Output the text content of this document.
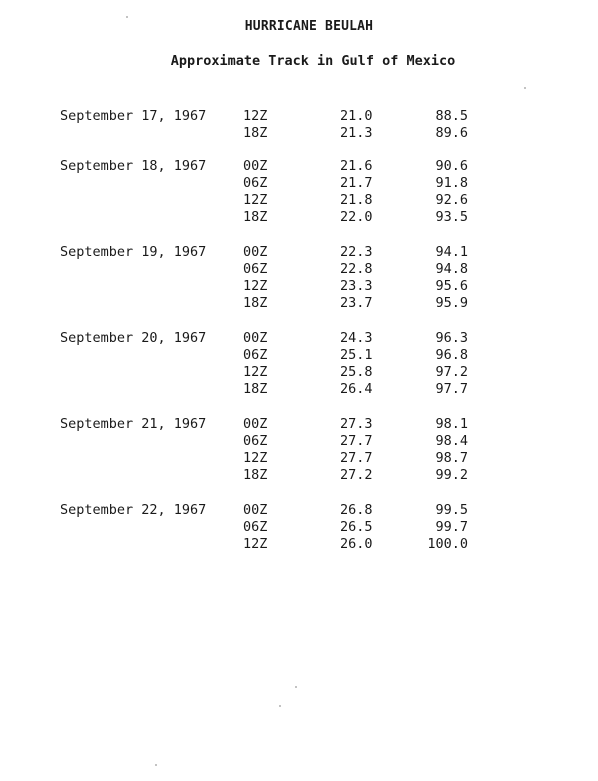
HURRICANE BEULAH
Approximate Track in Gulf of Mexico
September 17, 1967	12Z	21.0	88.5
18Z	21.3	89.6
September 18, 1967	00Z	21.6	90.6
06Z	21.7	91.8
12Z	21.8	92.6
18Z	22.0	93.5
September 19, 1967	00Z	22.3	94.1
06Z	22.8	94.8
12Z	23.3	95.6
18Z	23.7	95.9
September 20, 1967	00Z	24.3	96.3
06Z	25.1	96.8
12Z	25.8	97.2
18Z	26.4	97.7
September 21, 1967	00Z	27.3	98.1
06Z	27.7	98.4
12Z	27.7	98.7
18Z	27.2	99.2
September 22, 1967	00Z	26.8	99.5
06Z	26.5	99.7
12Z	26.0	100.0
